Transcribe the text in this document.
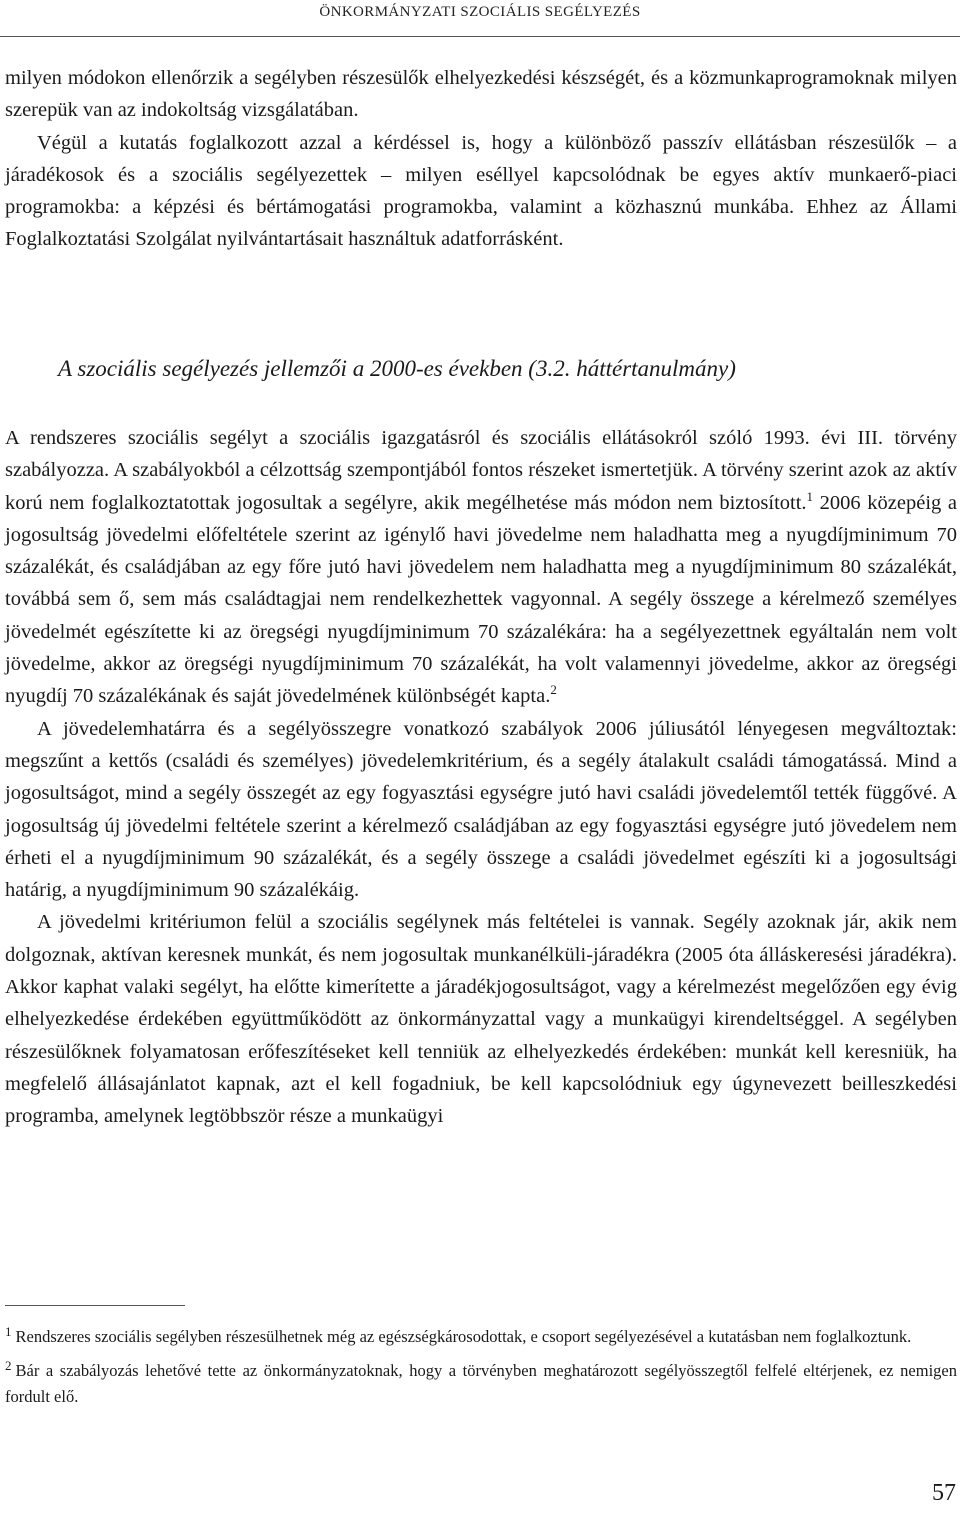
ÖNKORMÁNYZATI SZOCIÁLIS SEGÉLYEZÉS

milyen módokon ellenőrzik a segélyben részesülők elhelyezkedési készségét, és a közmunkaprogramoknak milyen szerepük van az indokoltság vizsgálatában.

Végül a kutatás foglalkozott azzal a kérdéssel is, hogy a különböző passzív ellátásban részesülők – a járadékosok és a szociális segélyezettek – milyen eséllyel kapcsolódnak be egyes aktív munkaerő-piaci programokba: a képzési és bértámogatási programokba, valamint a közhasznú munkába. Ehhez az Állami Foglalkoztatási Szolgálat nyilvántartásait használtuk adatforrásként.

A szociális segélyezés jellemzői a 2000-es években (3.2. háttértanulmány)

A rendszeres szociális segélyt a szociális igazgatásról és szociális ellátásokról szóló 1993. évi III. törvény szabályozza. A szabályokból a célzottság szempontjából fontos részeket ismertetjük. A törvény szerint azok az aktív korú nem foglalkoztatottak jogosultak a segélyre, akik megélhetése más módon nem biztosított.$^1$ 2006 közepéig a jogosultság jövedelmi előfeltétele szerint az igénylő havi jövedelme nem haladhatta meg a nyugdíjminimum 70 százalékát, és családjában az egy főre jutó havi jövedelem nem haladhatta meg a nyugdíjminimum 80 százalékát, továbbá sem ő, sem más családtagjai nem rendelkezhettek vagyonnal. A segély összege a kérelmező személyes jövedelmét egészítette ki az öregségi nyugdíjminimum 70 százalékára: ha a segélyezettnek egyáltalán nem volt jövedelme, akkor az öregségi nyugdíjminimum 70 százalékát, ha volt valamennyi jövedelme, akkor az öregségi nyugdíj 70 százalékának és saját jövedelmének különbségét kapta.$^2$

A jövedelemhatárra és a segélyösszegre vonatkozó szabályok 2006 júliusától lényegesen megváltoztak: megszűnt a kettős (családi és személyes) jövedelemkritérium, és a segély átalakult családi támogatássá. Mind a jogosultságot, mind a segély összegét az egy fogyasztási egységre jutó havi családi jövedelemtől tették függővé. A jogosultság új jövedelmi feltétele szerint a kérelmező családjában az egy fogyasztási egységre jutó jövedelem nem érheti el a nyugdíjminimum 90 százalékát, és a segély összege a családi jövedelmet egészíti ki a jogosultsági határig, a nyugdíjminimum 90 százalékáig.

A jövedelmi kritériumon felül a szociális segélynek más feltételei is vannak. Segély azoknak jár, akik nem dolgoznak, aktívan keresnek munkát, és nem jogosultak munkanélküli-járadékra (2005 óta álláskeresési járadékra). Akkor kaphat valaki segélyt, ha előtte kimerítette a járadékjogosultságot, vagy a kérelmezést megelőzően egy évig elhelyezkedése érdekében együttműködött az önkormányzattal vagy a munkaügyi kirendeltséggel. A segélyben részesülőknek folyamatosan erőfeszítéseket kell tenniük az elhelyezkedés érdekében: munkát kell keresniük, ha megfelelő állásajánlatot kapnak, azt el kell fogadniuk, be kell kapcsolódniuk egy úgynevezett beilleszkedési programba, amelynek legtöbbször része a munkaügyi

$^1$ Rendszeres szociális segélyben részesülhetnek még az egészségkárosodottak, e csoport segélyezésével a kutatásban nem foglalkoztunk.

$^2$ Bár a szabályozás lehetővé tette az önkormányzatoknak, hogy a törvényben meghatározott segélyösszegtől felfelé eltérjenek, ez nemigen fordult elő.

57
